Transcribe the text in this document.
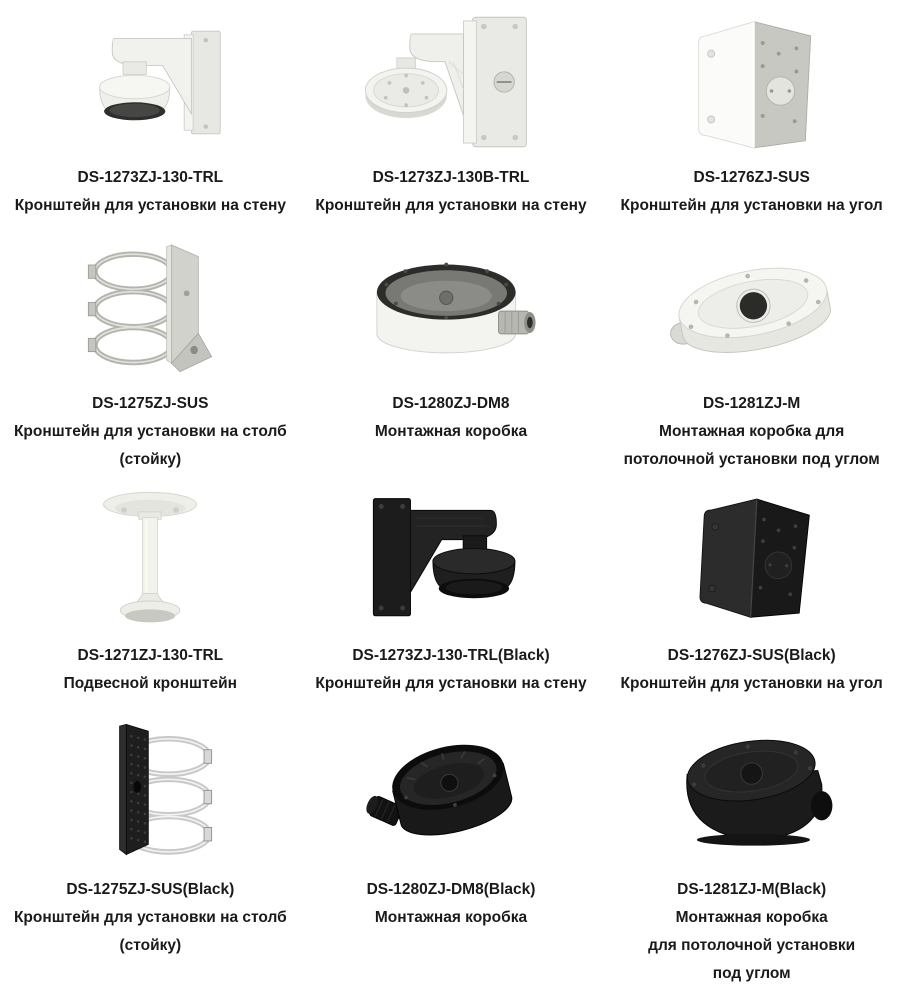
DS-1273ZJ-130-TRL
Кронштейн для установки на стену
DS-1273ZJ-130B-TRL
Кронштейн для установки на стену
DS-1276ZJ-SUS
Кронштейн для установки на угол
DS-1275ZJ-SUS
Кронштейн для установки на столб
(стойку)
DS-1280ZJ-DM8
Монтажная коробка
DS-1281ZJ-M
Монтажная коробка для
потолочной установки под углом
DS-1271ZJ-130-TRL
Подвесной кронштейн
DS-1273ZJ-130-TRL(Black)
Кронштейн для установки на стену
DS-1276ZJ-SUS(Black)
Кронштейн для установки на угол
DS-1275ZJ-SUS(Black)
Кронштейн для установки на столб
(стойку)
DS-1280ZJ-DM8(Black)
Монтажная коробка
DS-1281ZJ-M(Black)
Монтажная коробка
для потолочной установки
под углом
